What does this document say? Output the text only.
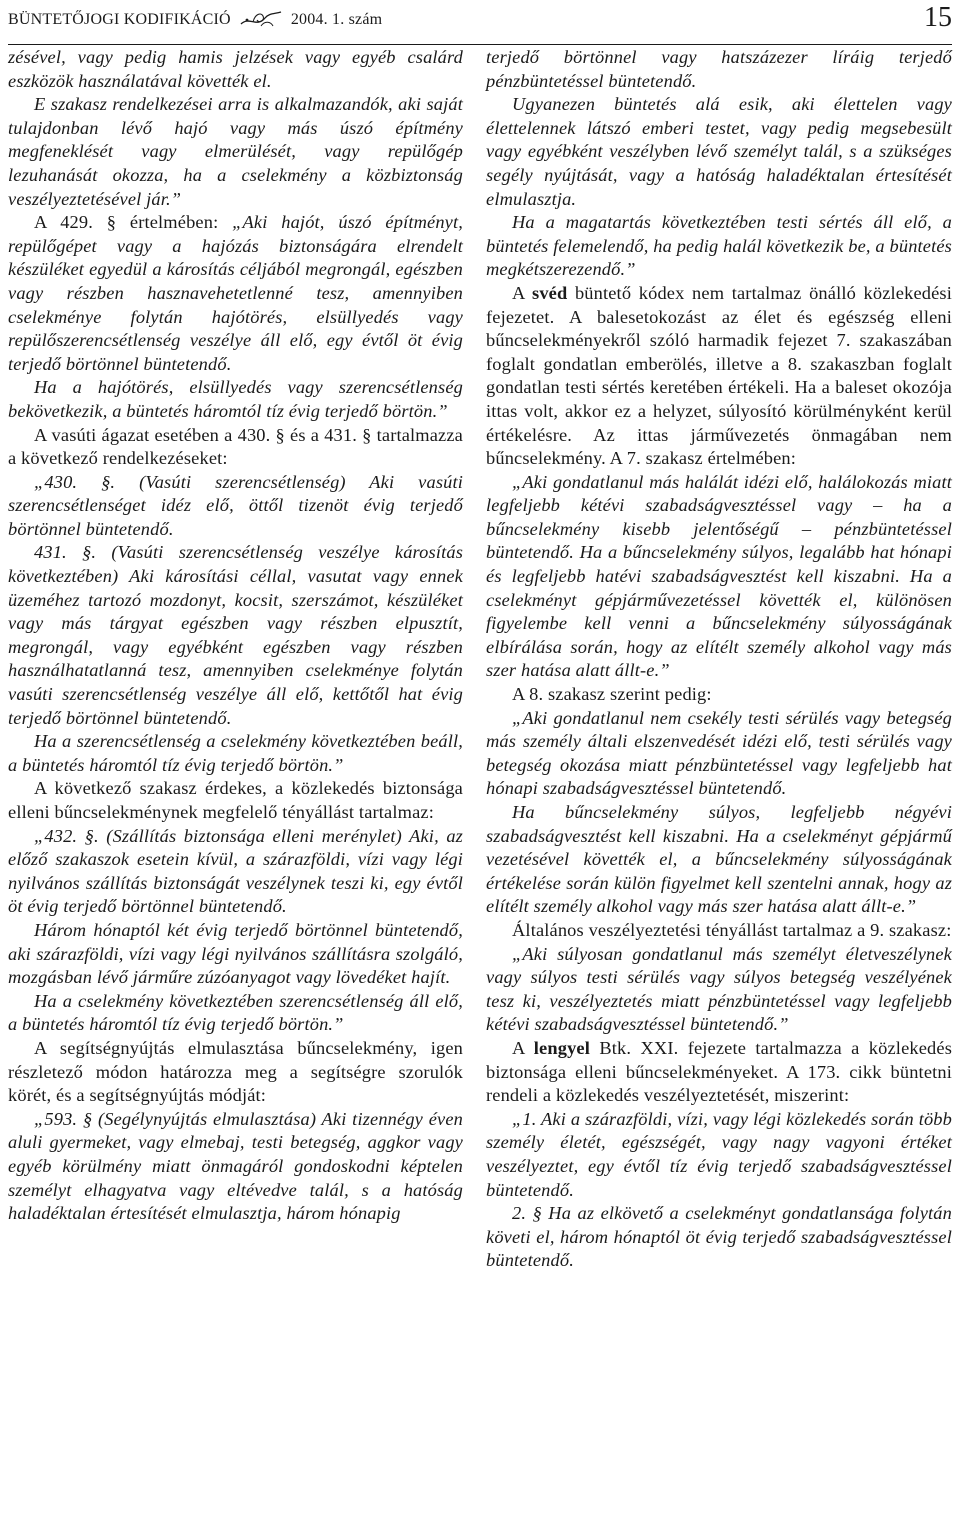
BÜNTETŐJOGI KODIFIKÁCIÓ	2004. 1. szám	15

zésével, vagy pedig hamis jelzések vagy egyéb csalárd eszközök használatával követték el.

E szakasz rendelkezései arra is alkalmazandók, aki saját tulajdonban lévő hajó vagy más úszó építmény megfeneklését vagy elmerülését, vagy repülőgép lezuhanását okozza, ha a cselekmény a közbiztonság veszélyeztetésével jár.”

A 429. § értelmében: „Aki hajót, úszó építményt, repülőgépet vagy a hajózás biztonságára elrendelt készüléket egyedül a károsítás céljából megrongál, egészben vagy részben hasznavehetetlenné tesz, amennyiben cselekménye folytán hajótörés, elsüllyedés vagy repülőszerencsétlenség veszélye áll elő, egy évtől öt évig terjedő börtönnel büntetendő.

Ha a hajótörés, elsüllyedés vagy szerencsétlenség bekövetkezik, a büntetés háromtól tíz évig terjedő börtön.”

A vasúti ágazat esetében a 430. § és a 431. § tartalmazza a következő rendelkezéseket:

„430. §. (Vasúti szerencsétlenség) Aki vasúti szerencsétlenséget idéz elő, öttől tizenöt évig terjedő börtönnel büntetendő.

431. §. (Vasúti szerencsétlenség veszélye károsítás következtében) Aki károsítási céllal, vasutat vagy ennek üzeméhez tartozó mozdonyt, kocsit, szerszámot, készüléket vagy más tárgyat egészben vagy részben elpusztít, megrongál, vagy egyébként egészben vagy részben használhatatlanná tesz, amennyiben cselekménye folytán vasúti szerencsétlenség veszélye áll elő, kettőtől hat évig terjedő börtönnel büntetendő.

Ha a szerencsétlenség a cselekmény következtében beáll, a büntetés háromtól tíz évig terjedő börtön.”

A következő szakasz érdekes, a közlekedés biztonsága elleni bűncselekménynek megfelelő tényállást tartalmaz:

„432. §. (Szállítás biztonsága elleni merénylet) Aki, az előző szakaszok esetein kívül, a szárazföldi, vízi vagy légi nyilvános szállítás biztonságát veszélynek teszi ki, egy évtől öt évig terjedő börtönnel büntetendő.

Három hónaptól két évig terjedő börtönnel büntetendő, aki szárazföldi, vízi vagy légi nyilvános szállításra szolgáló, mozgásban lévő járműre zúzóanyagot vagy lövedéket hajít.

Ha a cselekmény következtében szerencsétlenség áll elő, a büntetés háromtól tíz évig terjedő börtön.”

A segítségnyújtás elmulasztása bűncselekmény, igen részletező módon határozza meg a segítségre szorulók körét, és a segítségnyújtás módját:

„593. § (Segélynyújtás elmulasztása) Aki tizennégy éven aluli gyermeket, vagy elmebaj, testi betegség, aggkor vagy egyéb körülmény miatt önmagáról gondoskodni képtelen személyt elhagyatva vagy eltévedve talál, s a hatóság haladéktalan értesítését elmulasztja, három hónapig

terjedő börtönnel vagy hatszázezer líráig terjedő pénzbüntetéssel büntetendő.

Ugyanezen büntetés alá esik, aki élettelen vagy élettelennek látszó emberi testet, vagy pedig megsebesült vagy egyébként veszélyben lévő személyt talál, s a szükséges segély nyújtását, vagy a hatóság haladéktalan értesítését elmulasztja.

Ha a magatartás következtében testi sértés áll elő, a büntetés felemelendő, ha pedig halál következik be, a büntetés megkétszerezendő.”

A svéd büntető kódex nem tartalmaz önálló közlekedési fejezetet. A balesetokozást az élet és egészség elleni bűncselekményekről szóló harmadik fejezet 7. szakaszában foglalt gondatlan emberölés, illetve a 8. szakaszban foglalt gondatlan testi sértés keretében értékeli. Ha a baleset okozója ittas volt, akkor ez a helyzet, súlyosító körülményként kerül értékelésre. Az ittas járművezetés önmagában nem bűncselekmény. A 7. szakasz értelmében:

„Aki gondatlanul más halálát idézi elő, halálokozás miatt legfeljebb kétévi szabadságvesztéssel vagy – ha a bűncselekmény kisebb jelentőségű – pénzbüntetéssel büntetendő. Ha a bűncselekmény súlyos, legalább hat hónapi és legfeljebb hatévi szabadságvesztést kell kiszabni. Ha a cselekményt gépjárművezetéssel követték el, különösen figyelembe kell venni a bűncselekmény súlyosságának elbírálása során, hogy az elítélt személy alkohol vagy más szer hatása alatt állt-e.”

A 8. szakasz szerint pedig:

„Aki gondatlanul nem csekély testi sérülés vagy betegség más személy általi elszenvedését idézi elő, testi sérülés vagy betegség okozása miatt pénzbüntetéssel vagy legfeljebb hat hónapi szabadságvesztéssel büntetendő.

Ha bűncselekmény súlyos, legfeljebb négyévi szabadságvesztést kell kiszabni. Ha a cselekményt gépjármű vezetésével követték el, a bűncselekmény súlyosságának értékelése során külön figyelmet kell szentelni annak, hogy az elítélt személy alkohol vagy más szer hatása alatt állt-e.”

Általános veszélyeztetési tényállást tartalmaz a 9. szakasz:

„Aki súlyosan gondatlanul más személyt életveszélynek vagy súlyos testi sérülés vagy súlyos betegség veszélyének tesz ki, veszélyeztetés miatt pénzbüntetéssel vagy legfeljebb kétévi szabadságvesztéssel büntetendő.”

A lengyel Btk. XXI. fejezete tartalmazza a közlekedés biztonsága elleni bűncselekményeket. A 173. cikk büntetni rendeli a közlekedés veszélyeztetését, miszerint:

„1. Aki a szárazföldi, vízi, vagy légi közlekedés során több személy életét, egészségét, vagy nagy vagyoni értéket veszélyeztet, egy évtől tíz évig terjedő szabadságvesztéssel büntetendő.

2. § Ha az elkövető a cselekményt gondatlansága folytán követi el, három hónaptól öt évig terjedő szabadságvesztéssel büntetendő.
